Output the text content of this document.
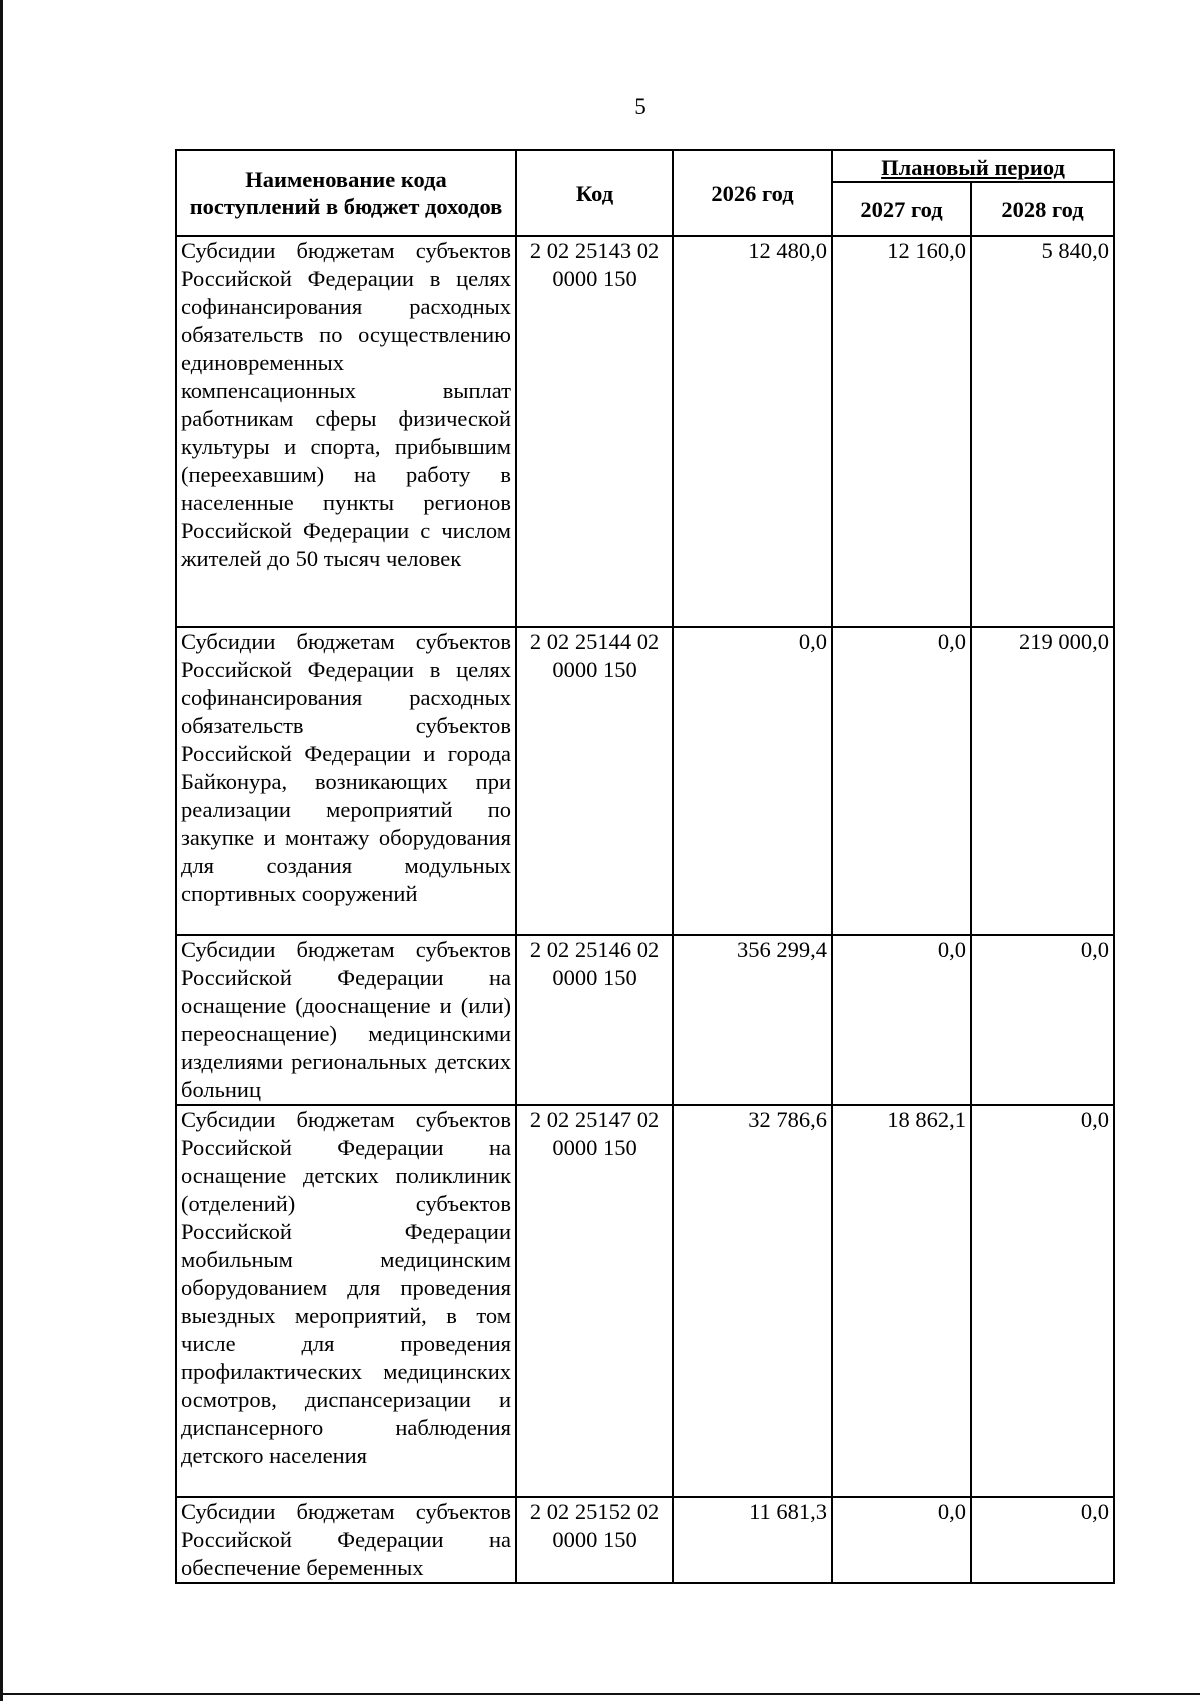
5
Наименование кода поступлений в бюджет доходов	Код	2026 год	Плановый период	
			2027 год	2028 год
Субсидии бюджетам субъектов Российской Федерации в целях софинансирования расходных обязательств по осуществлению единовременных компенсационных выплат работникам сферы физической культуры и спорта, прибывшим (переехавшим) на работу в населенные пункты регионов Российской Федерации с числом жителей до 50 тысяч человек	2 02 25143 02 0000 150	12 480,0	12 160,0	5 840,0
Субсидии бюджетам субъектов Российской Федерации в целях софинансирования расходных обязательств субъектов Российской Федерации и города Байконура, возникающих при реализации мероприятий по закупке и монтажу оборудования для создания модульных спортивных сооружений	2 02 25144 02 0000 150	0,0	0,0	219 000,0
Субсидии бюджетам субъектов Российской Федерации на оснащение (дооснащение и (или) переоснащение) медицинскими изделиями региональных детских больниц	2 02 25146 02 0000 150	356 299,4	0,0	0,0
Субсидии бюджетам субъектов Российской Федерации на оснащение детских поликлиник (отделений) субъектов Российской Федерации мобильным медицинским оборудованием для проведения выездных мероприятий, в том числе для проведения профилактических медицинских осмотров, диспансеризации и диспансерного наблюдения детского населения	2 02 25147 02 0000 150	32 786,6	18 862,1	0,0
Субсидии бюджетам субъектов Российской Федерации на обеспечение беременных	2 02 25152 02 0000 150	11 681,3	0,0	0,0
